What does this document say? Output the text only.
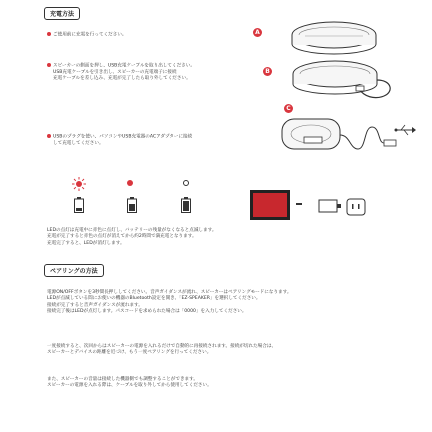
充電方法
ご使用前に充電を行ってください。	A
スピーカーの側面を押し、USB充電ケーブルを取り出してください。
USB充電ケーブルを引き出し、スピーカーの充電端子に接続
充電ケーブルを差し込み、充電が完了したら取り外してください。
B
C
USBのプラグを使い、パソコンやUSB充電器のACアダプターに接続
して充電してください。
LEDの点灯は充電中に赤色に点灯し、バッテリーの残量がなくなると点滅します。
充電が完了すると赤色の点灯が消えてから約2時間で満充電となります。
充電完了すると、LEDが消灯します。
ペアリングの方法
電源ON/OFFボタンを3秒間長押ししてください。音声ガイダンスが流れ、スピーカーはペアリングモードになります。
LEDが点滅している間にお使いの機器のBluetooth設定を開き、「EZ-SPEAKER」を選択してください。
接続が完了すると音声ガイダンスが流れます。
接続完了後はLEDが点灯します。パスコードを求められた場合は「0000」を入力してください。
一度接続すると、次回からはスピーカーの電源を入れるだけで自動的に再接続されます。接続が切れた場合は、
スピーカーとデバイスの距離を近づけ、もう一度ペアリングを行ってください。
また、スピーカーの音量は接続した機器側でも調整することができます。
スピーカーの電源を入れる際は、ケーブルを取り外してから使用してください。
